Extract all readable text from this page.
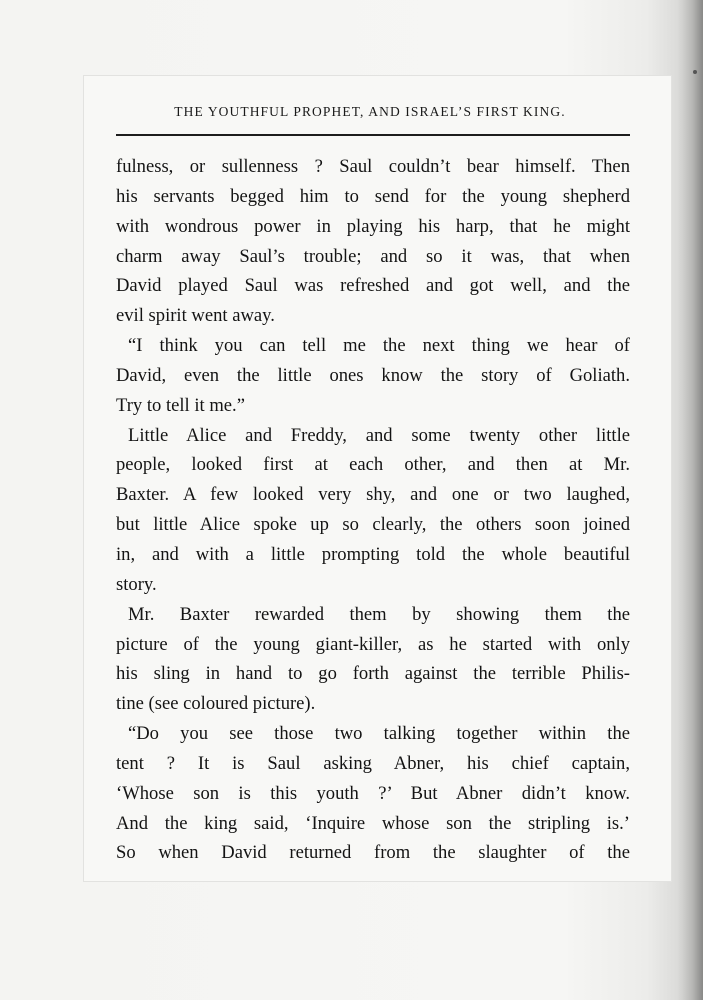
THE YOUTHFUL PROPHET, AND ISRAEL’S FIRST KING.
fulness, or sullenness ? Saul couldn’t bear himself. Then
his servants begged him to send for the young shepherd
with wondrous power in playing his harp, that he might
charm away Saul’s trouble; and so it was, that when
David played Saul was refreshed and got well, and the
evil spirit went away.
“I think you can tell me the next thing we hear of
David, even the little ones know the story of Goliath.
Try to tell it me.”
Little Alice and Freddy, and some twenty other little
people, looked first at each other, and then at Mr.
Baxter. A few looked very shy, and one or two laughed,
but little Alice spoke up so clearly, the others soon joined
in, and with a little prompting told the whole beautiful
story.
Mr. Baxter rewarded them by showing them the
picture of the young giant-killer, as he started with only
his sling in hand to go forth against the terrible Philis-
tine (see coloured picture).
“Do you see those two talking together within the
tent ? It is Saul asking Abner, his chief captain,
‘Whose son is this youth ?’ But Abner didn’t know.
And the king said, ‘Inquire whose son the stripling is.’
So when David returned from the slaughter of the
